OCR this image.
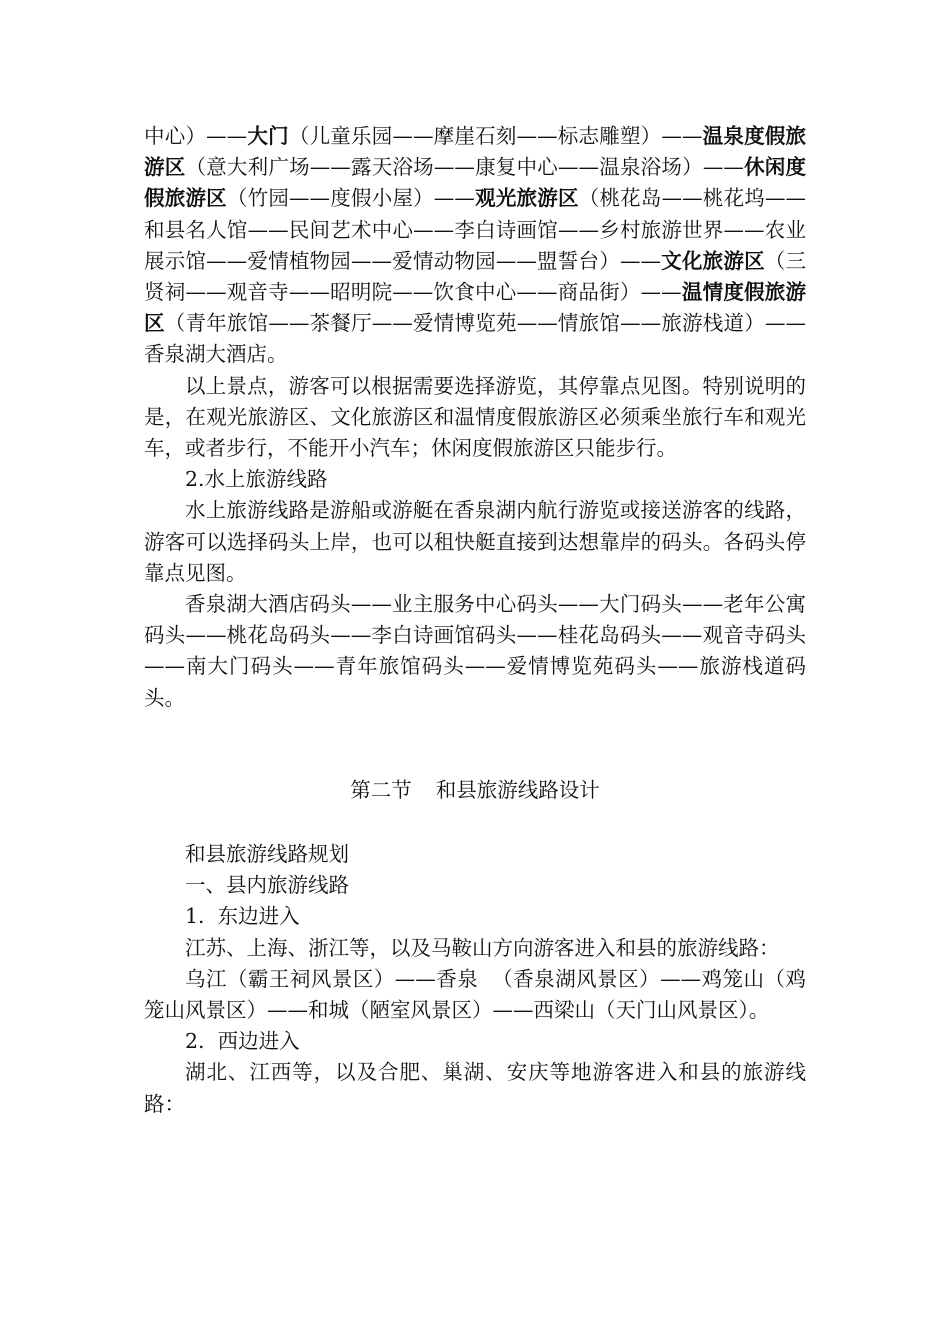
中心）——大门（儿童乐园——摩崖石刻——标志雕塑）——温泉度假旅游区（意大利广场——露天浴场——康复中心——温泉浴场）——休闲度假旅游区（竹园——度假小屋）——观光旅游区（桃花岛——桃花坞——和县名人馆——民间艺术中心——李白诗画馆——乡村旅游世界——农业展示馆——爱情植物园——爱情动物园——盟誓台）——文化旅游区（三贤祠——观音寺——昭明院——饮食中心——商品街）——温情度假旅游区（青年旅馆——茶餐厅——爱情博览苑——情旅馆——旅游栈道）——香泉湖大酒店。

以上景点，游客可以根据需要选择游览，其停靠点见图。特别说明的是，在观光旅游区、文化旅游区和温情度假旅游区必须乘坐旅行车和观光车，或者步行，不能开小汽车；休闲度假旅游区只能步行。

2.水上旅游线路

水上旅游线路是游船或游艇在香泉湖内航行游览或接送游客的线路，游客可以选择码头上岸，也可以租快艇直接到达想靠岸的码头。各码头停靠点见图。

香泉湖大酒店码头——业主服务中心码头——大门码头——老年公寓码头——桃花岛码头——李白诗画馆码头——桂花岛码头——观音寺码头——南大门码头——青年旅馆码头——爱情博览苑码头——旅游栈道码头。

第二节 和县旅游线路设计

和县旅游线路规划

一、县内旅游线路

1.  东边进入

江苏、上海、浙江等，以及马鞍山方向游客进入和县的旅游线路：

乌江（霸王祠风景区）——香泉  （香泉湖风景区）——鸡笼山（鸡笼山风景区）——和城（陋室风景区）——西梁山（天门山风景区）。

2.  西边进入

湖北、江西等，以及合肥、巢湖、安庆等地游客进入和县的旅游线路：
